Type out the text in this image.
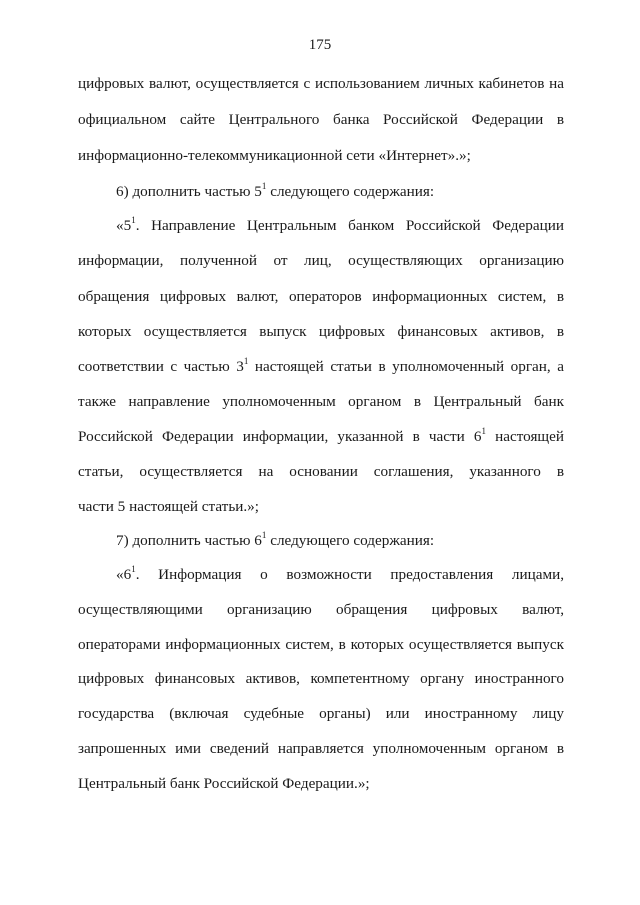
175
цифровых валют, осуществляется с использованием личных кабинетов на
официальном сайте Центрального банка Российской Федерации в
информационно-телекоммуникационной сети «Интернет».»;
6) дополнить частью $5^1$ следующего содержания:
«$5^1$. Направление Центральным банком Российской Федерации
информации, полученной от лиц, осуществляющих организацию
обращения цифровых валют, операторов информационных систем, в
которых осуществляется выпуск цифровых финансовых активов, в
соответствии с частью $3^1$ настоящей статьи в уполномоченный орган, а
также направление уполномоченным органом в Центральный банк
Российской Федерации информации, указанной в части $6^1$ настоящей
статьи, осуществляется на основании соглашения, указанного в
части 5 настоящей статьи.»;
7) дополнить частью $6^1$ следующего содержания:
«$6^1$. Информация о возможности предоставления лицами,
осуществляющими организацию обращения цифровых валют,
операторами информационных систем, в которых осуществляется выпуск
цифровых финансовых активов, компетентному органу иностранного
государства (включая судебные органы) или иностранному лицу
запрошенных ими сведений направляется уполномоченным органом в
Центральный банк Российской Федерации.»;
